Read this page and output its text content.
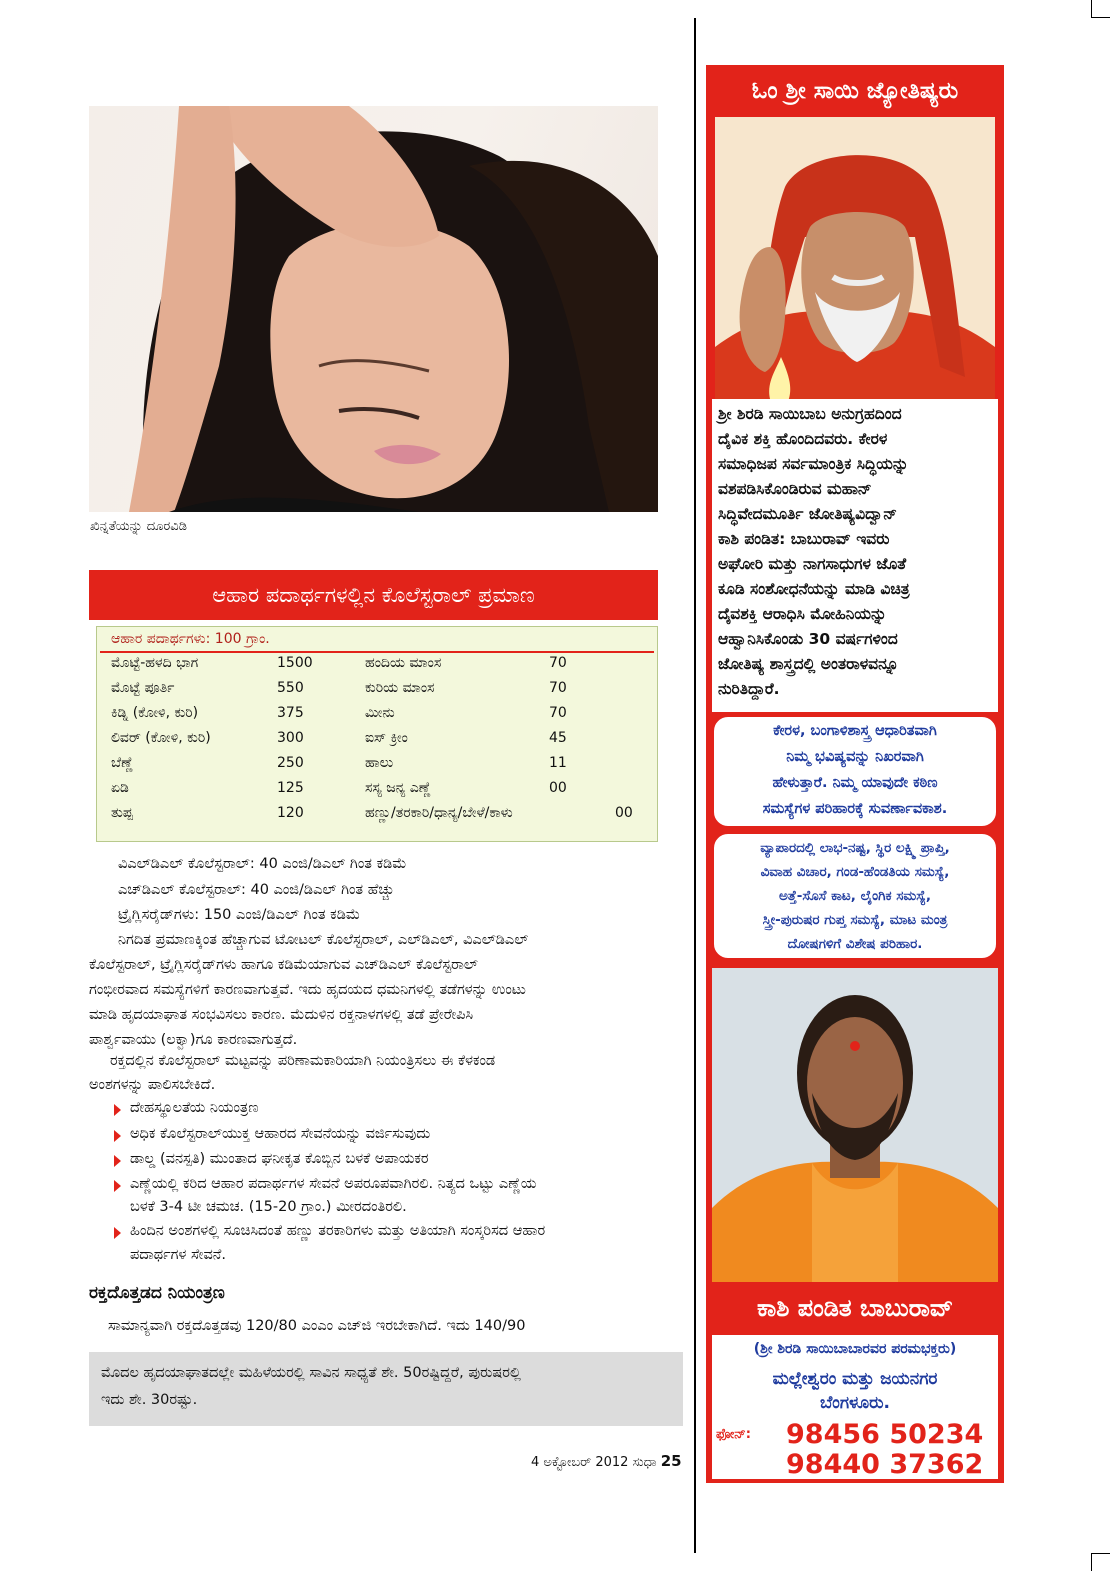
ಖಿನ್ನತೆಯನ್ನು ದೂರವಿಡಿ
ಆಹಾರ ಪದಾರ್ಥಗಳಲ್ಲಿನ ಕೊಲೆಸ್ಟರಾಲ್ ಪ್ರಮಾಣ
ಆಹಾರ ಪದಾರ್ಥಗಳು: 100 ಗ್ರಾಂ.
ಮೊಟ್ಟೆ-ಹಳದಿ ಭಾಗ	1500	ಹಂದಿಯ ಮಾಂಸ	70
ಮೊಟ್ಟೆ ಪೂರ್ತಿ	550	ಕುರಿಯ ಮಾಂಸ	70
ಕಿಡ್ನಿ (ಕೋಳಿ, ಕುರಿ)	375	ಮೀನು	70
ಲಿವರ್ (ಕೋಳಿ, ಕುರಿ)	300	ಐಸ್ ಕ್ರೀಂ	45
ಬೆಣ್ಣೆ	250	ಹಾಲು	11
ಏಡಿ	125	ಸಸ್ಯ ಜನ್ಯ ಎಣ್ಣೆ	00
ತುಪ್ಪ	120	ಹಣ್ಣು/ತರಕಾರಿ/ಧಾನ್ಯ/ಬೇಳೆ/ಕಾಳು	00
ವಿಎಲ್‌ಡಿಎಲ್ ಕೊಲೆಸ್ಟರಾಲ್: 40 ಎಂಜಿ/ಡಿಎಲ್ ಗಿಂತ ಕಡಿಮೆ
ಎಚ್‌ಡಿಎಲ್ ಕೊಲೆಸ್ಟರಾಲ್: 40 ಎಂಜಿ/ಡಿಎಲ್ ಗಿಂತ ಹೆಚ್ಚು
ಟ್ರೈಗ್ಲಿಸರೈಡ್‌ಗಳು: 150 ಎಂಜಿ/ಡಿಎಲ್ ಗಿಂತ ಕಡಿಮೆ
ನಿಗದಿತ ಪ್ರಮಾಣಕ್ಕಿಂತ ಹೆಚ್ಚಾಗುವ ಟೋಟಲ್ ಕೊಲೆಸ್ಟರಾಲ್, ಎಲ್‌ಡಿಎಲ್, ವಿಎಲ್‌ಡಿಎಲ್
ಕೊಲೆಸ್ಟರಾಲ್, ಟ್ರೈಗ್ಲಿಸರೈಡ್‌ಗಳು ಹಾಗೂ ಕಡಿಮೆಯಾಗುವ ಎಚ್‌ಡಿಎಲ್ ಕೊಲೆಸ್ಟರಾಲ್
ಗಂಭೀರವಾದ ಸಮಸ್ಯೆಗಳಿಗೆ ಕಾರಣವಾಗುತ್ತವೆ. ಇದು ಹೃದಯದ ಧಮನಿಗಳಲ್ಲಿ ತಡೆಗಳನ್ನು ಉಂಟು
ಮಾಡಿ ಹೃದಯಾಘಾತ ಸಂಭವಿಸಲು ಕಾರಣ. ಮೆದುಳಿನ ರಕ್ತನಾಳಗಳಲ್ಲಿ ತಡೆ ಪ್ರೇರೇಪಿಸಿ
ಪಾರ್ಶ್ವವಾಯು (ಲಕ್ವಾ)ಗೂ ಕಾರಣವಾಗುತ್ತದೆ.
ರಕ್ತದಲ್ಲಿನ ಕೊಲೆಸ್ಟರಾಲ್ ಮಟ್ಟವನ್ನು ಪರಿಣಾಮಕಾರಿಯಾಗಿ ನಿಯಂತ್ರಿಸಲು ಈ ಕೆಳಕಂಡ
ಅಂಶಗಳನ್ನು ಪಾಲಿಸಬೇಕಿದೆ.
ದೇಹಸ್ಥೂಲತೆಯ ನಿಯಂತ್ರಣ
ಅಧಿಕ ಕೊಲೆಸ್ಟರಾಲ್‌ಯುಕ್ತ ಆಹಾರದ ಸೇವನೆಯನ್ನು ವರ್ಜಿಸುವುದು
ಡಾಲ್ಡ (ವನಸ್ಪತಿ) ಮುಂತಾದ ಘನೀಕೃತ ಕೊಬ್ಬಿನ ಬಳಕೆ ಅಪಾಯಕರ
ಎಣ್ಣೆಯಲ್ಲಿ ಕರಿದ ಆಹಾರ ಪದಾರ್ಥಗಳ ಸೇವನೆ ಅಪರೂಪವಾಗಿರಲಿ. ನಿತ್ಯದ ಒಟ್ಟು ಎಣ್ಣೆಯ
ಬಳಕೆ 3-4 ಟೀ ಚಮಚ. (15-20 ಗ್ರಾಂ.) ಮೀರದಂತಿರಲಿ.
ಹಿಂದಿನ ಅಂಶಗಳಲ್ಲಿ ಸೂಚಿಸಿದಂತೆ ಹಣ್ಣು ತರಕಾರಿಗಳು ಮತ್ತು ಅತಿಯಾಗಿ ಸಂಸ್ಕರಿಸದ ಆಹಾರ
ಪದಾರ್ಥಗಳ ಸೇವನೆ.
ರಕ್ತದೊತ್ತಡದ ನಿಯಂತ್ರಣ
ಸಾಮಾನ್ಯವಾಗಿ ರಕ್ತದೊತ್ತಡವು 120/80 ಎಂಎಂ ಎಚ್‌ಜಿ ಇರಬೇಕಾಗಿದೆ. ಇದು 140/90
ಮೊದಲ ಹೃದಯಾಘಾತದಲ್ಲೇ ಮಹಿಳೆಯರಲ್ಲಿ ಸಾವಿನ ಸಾಧ್ಯತೆ ಶೇ. 50ರಷ್ಟಿದ್ದರೆ, ಪುರುಷರಲ್ಲಿ
ಇದು ಶೇ. 30ರಷ್ಟು.
4 ಅಕ್ಟೋಬರ್ 2012 ಸುಧಾ 25
ಓಂ ಶ್ರೀ ಸಾಯಿ ಜ್ಯೋತಿಷ್ಯರು
ಶ್ರೀ ಶಿರಡಿ ಸಾಯಿಬಾಬ ಅನುಗ್ರಹದಿಂದ
ದೈವಿಕ ಶಕ್ತಿ ಹೊಂದಿದವರು. ಕೇರಳ
ಸಮಾಧಿಜಪ ಸರ್ವಮಾಂತ್ರಿಕ ಸಿದ್ಧಿಯನ್ನು
ವಶಪಡಿಸಿಕೊಂಡಿರುವ ಮಹಾನ್
ಸಿದ್ಧಿವೇದಮೂರ್ತಿ ಜೋತಿಷ್ಯವಿದ್ವಾನ್
ಕಾಶಿ ಪಂಡಿತ: ಬಾಬುರಾವ್ ಇವರು
ಅಘೋರಿ ಮತ್ತು ನಾಗಸಾಧುಗಳ ಜೊತೆ
ಕೂಡಿ ಸಂಶೋಧನೆಯನ್ನು ಮಾಡಿ ವಿಚಿತ್ರ
ದೈವಶಕ್ತಿ ಆರಾಧಿಸಿ ಮೋಹಿನಿಯನ್ನು
ಆಹ್ವಾನಿಸಿಕೊಂಡು 30 ವರ್ಷಗಳಿಂದ
ಜೋತಿಷ್ಯ ಶಾಸ್ತ್ರದಲ್ಲಿ ಅಂತರಾಳವನ್ನೂ
ನುರಿತಿದ್ದಾರೆ.
ಕೇರಳ, ಬಂಗಾಳಿಶಾಸ್ತ್ರ ಆಧಾರಿತವಾಗಿ
ನಿಮ್ಮ ಭವಿಷ್ಯವನ್ನು ನಿಖರವಾಗಿ
ಹೇಳುತ್ತಾರೆ. ನಿಮ್ಮ ಯಾವುದೇ ಕಠಿಣ
ಸಮಸ್ಯೆಗಳ ಪರಿಹಾರಕ್ಕೆ ಸುವರ್ಣಾವಕಾಶ.
ವ್ಯಾಪಾರದಲ್ಲಿ ಲಾಭ-ನಷ್ಟ, ಸ್ಥಿರ ಲಕ್ಷ್ಮಿ ಪ್ರಾಪ್ತಿ,
ವಿವಾಹ ವಿಚಾರ, ಗಂಡ-ಹೆಂಡತಿಯ ಸಮಸ್ಯೆ,
ಅತ್ತೆ-ಸೊಸೆ ಕಾಟ, ಲೈಂಗಿಕ ಸಮಸ್ಯೆ,
ಸ್ತ್ರೀ-ಪುರುಷರ ಗುಪ್ತ ಸಮಸ್ಯೆ, ಮಾಟ ಮಂತ್ರ
ದೋಷಗಳಿಗೆ ವಿಶೇಷ ಪರಿಹಾರ.
ಕಾಶಿ ಪಂಡಿತ ಬಾಬುರಾವ್
(ಶ್ರೀ ಶಿರಡಿ ಸಾಯಿಬಾಬಾರವರ ಪರಮಭಕ್ತರು)
ಮಲ್ಲೇಶ್ವರಂ ಮತ್ತು ಜಯನಗರ
ಬೆಂಗಳೂರು.
ಫೋನ್: 98456 50234
98440 37362
